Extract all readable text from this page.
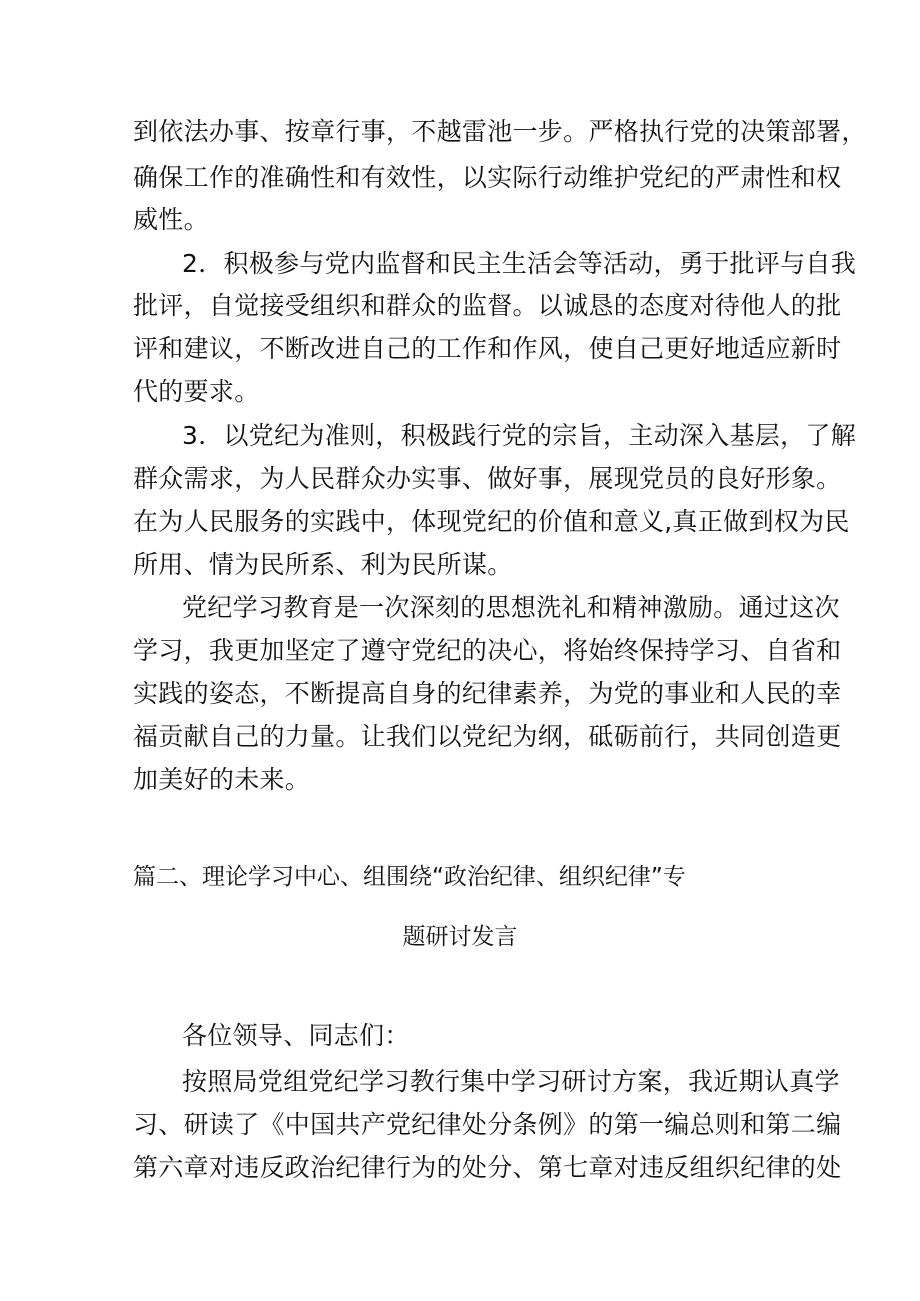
到依法办事、按章行事，不越雷池一步。严格执行党的决策部署，
确保工作的准确性和有效性，以实际行动维护党纪的严肃性和权
威性。
2．积极参与党内监督和民主生活会等活动，勇于批评与自我
批评，自觉接受组织和群众的监督。以诚恳的态度对待他人的批
评和建议，不断改进自己的工作和作风，使自己更好地适应新时
代的要求。
3．以党纪为准则，积极践行党的宗旨，主动深入基层，了解
群众需求，为人民群众办实事、做好事，展现党员的良好形象。
在为人民服务的实践中，体现党纪的价值和意义,真正做到权为民
所用、情为民所系、利为民所谋。
党纪学习教育是一次深刻的思想洗礼和精神激励。通过这次
学习，我更加坚定了遵守党纪的决心，将始终保持学习、自省和
实践的姿态，不断提高自身的纪律素养，为党的事业和人民的幸
福贡献自己的力量。让我们以党纪为纲，砥砺前行，共同创造更
加美好的未来。
篇二、理论学习中心、组围绕“政治纪律、组织纪律”专
题研讨发言
各位领导、同志们：
按照局党组党纪学习教行集中学习研讨方案，我近期认真学
习、研读了《中国共产党纪律处分条例》的第一编总则和第二编
第六章对违反政治纪律行为的处分、第七章对违反组织纪律的处
